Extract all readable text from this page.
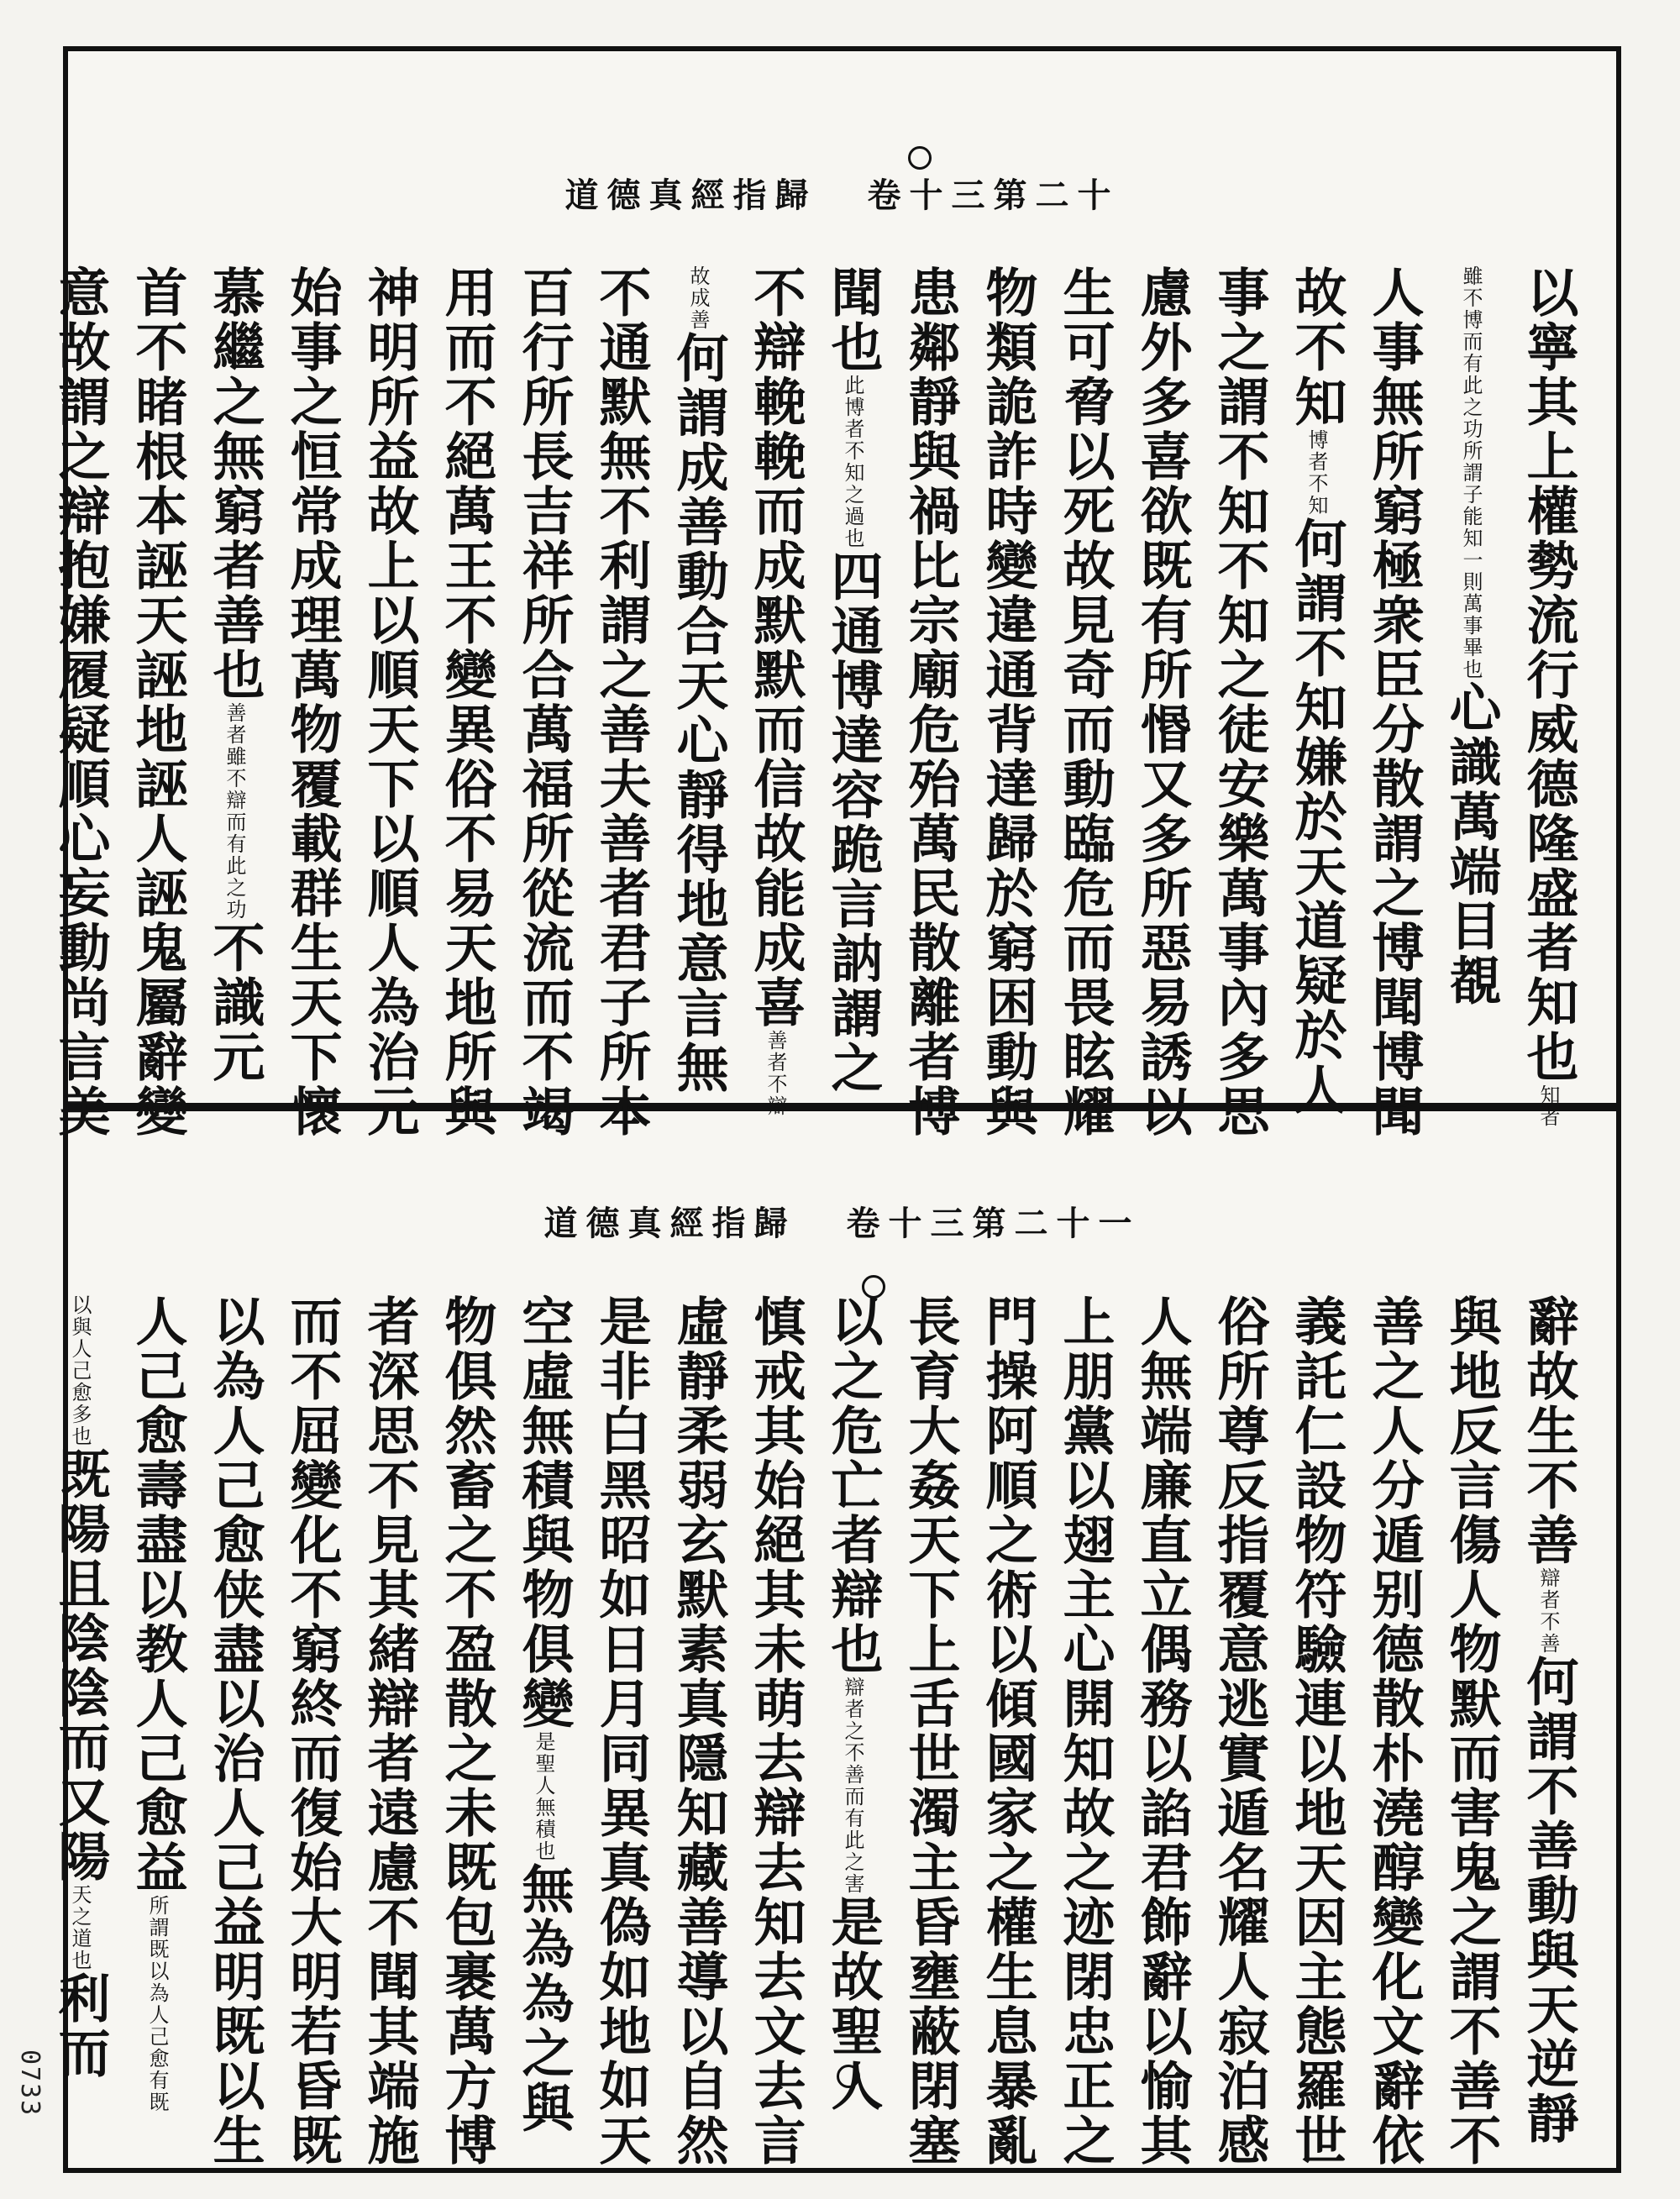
道德真經指歸 卷十三第二十
以寧其上權勢流行威德隆盛者知也知者
雖不博而有此之功所謂子能知一則萬事畢也心識萬端目覩
人事無所窮極衆臣分散謂之博聞博聞
故不知博者不知何謂不知嫌於天道疑於人
事之謂不知不知之徒安樂萬事內多思
慮外多喜欲既有所惽又多所惡易誘以
生可脅以死故見奇而動臨危而畏眩耀
物類詭詐時變違通背達歸於窮困動與
患鄰靜與禍比宗廟危殆萬民散離者博
聞也此博者不知之過也四通博達容跪言訥謂之
不辯輓輓而成默默而信故能成喜善者不辯
故成善何謂成善動合天心靜得地意言無
不通默無不利謂之善夫善者君子所本
百行所長吉祥所合萬福所從流而不竭
用而不絕萬王不變異俗不易天地所與
神明所益故上以順天下以順人為治元
始事之恒常成理萬物覆載群生天下懷
慕繼之無窮者善也善者雖不辯而有此之功不識元
首不睹根本誣天誣地誣人誣鬼屬辭變
意故謂之辯抱嫌履疑順心妄動尚言美
道德真經指歸 卷十三第二十一
辭故生不善辯者不善何謂不善動與天逆靜
與地反言傷人物默而害鬼之謂不善不
善之人分遁别德散朴澆醇變化文辭依
義託仁設物符驗連以地天因主態羅世
俗所尊反指覆意逃實遁名耀人寂泊感
人無端廉直立偶務以諂君飾辭以愉其
上朋黨以翅主心開知故之迹閉忠正之
門操阿順之術以傾國家之權生息暴亂
長育大姦天下上舌世濁主昏壅蔽閉塞
以之危亡者辯也辯者之不善而有此之害是故聖人
慎戒其始絕其未萌去辯去知去文去言
虛靜柔弱玄默素真隱知藏善導以自然
是非白黑昭如日月同異真偽如地如天
空虛無積與物俱變是聖人無積也無為為之與
物俱然畜之不盈散之未既包裹萬方博
者深思不見其緒辯者遠慮不聞其端施
而不屈變化不窮終而復始大明若昏既
以為人己愈侠盡以治人己益明既以生
人己愈壽盡以教人己愈益所謂既以為人己愈有既
以與人己愈多也既陽且陰陰而又陽天之道也利而
0733
